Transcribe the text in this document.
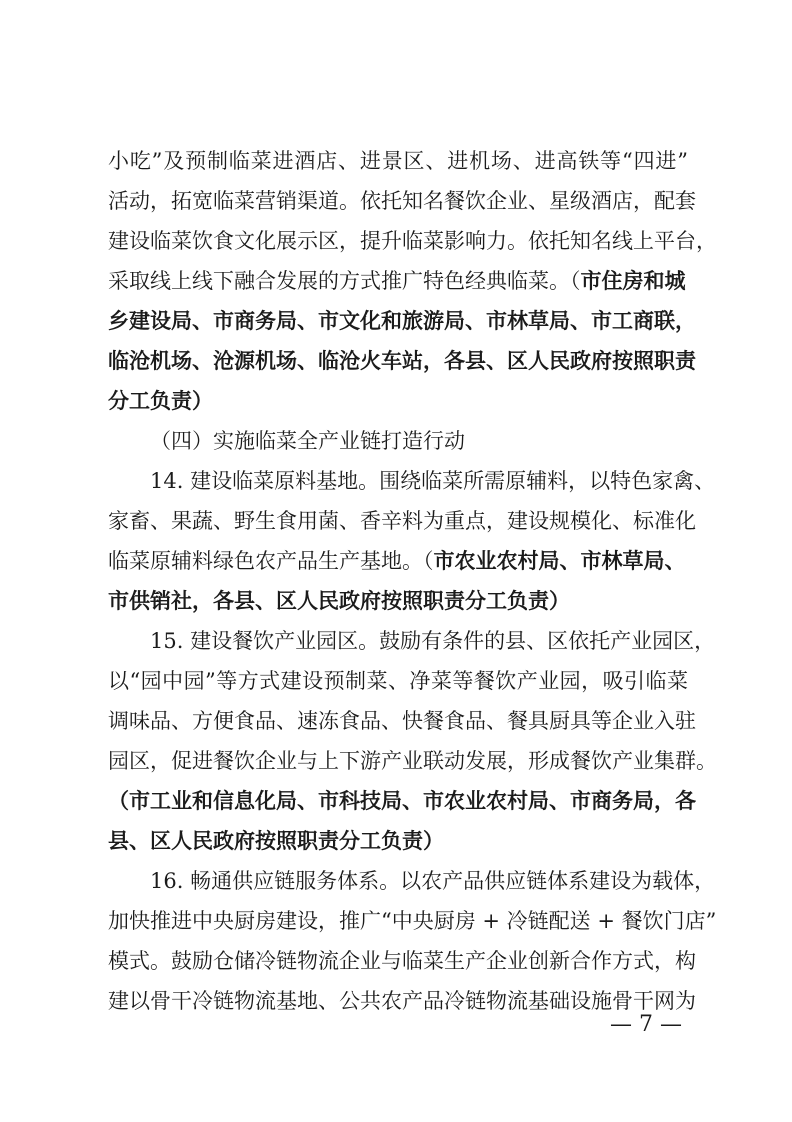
小吃”及预制临菜进酒店、进景区、进机场、进高铁等“四进”
活动，拓宽临菜营销渠道。依托知名餐饮企业、星级酒店，配套
建设临菜饮食文化展示区，提升临菜影响力。依托知名线上平台，
采取线上线下融合发展的方式推广特色经典临菜。（市住房和城
乡建设局、市商务局、市文化和旅游局、市林草局、市工商联，
临沧机场、沧源机场、临沧火车站，各县、区人民政府按照职责
分工负责）
（四）实施临菜全产业链打造行动
14. 建设临菜原料基地。围绕临菜所需原辅料，以特色家禽、
家畜、果蔬、野生食用菌、香辛料为重点，建设规模化、标准化
临菜原辅料绿色农产品生产基地。（市农业农村局、市林草局、
市供销社，各县、区人民政府按照职责分工负责）
15. 建设餐饮产业园区。鼓励有条件的县、区依托产业园区，
以“园中园”等方式建设预制菜、净菜等餐饮产业园，吸引临菜
调味品、方便食品、速冻食品、快餐食品、餐具厨具等企业入驻
园区，促进餐饮企业与上下游产业联动发展，形成餐饮产业集群。
（市工业和信息化局、市科技局、市农业农村局、市商务局，各
县、区人民政府按照职责分工负责）
16. 畅通供应链服务体系。以农产品供应链体系建设为载体，
加快推进中央厨房建设，推广“中央厨房 + 冷链配送 + 餐饮门店”
模式。鼓励仓储冷链物流企业与临菜生产企业创新合作方式，构
建以骨干冷链物流基地、公共农产品冷链物流基础设施骨干网为
— 7 —
